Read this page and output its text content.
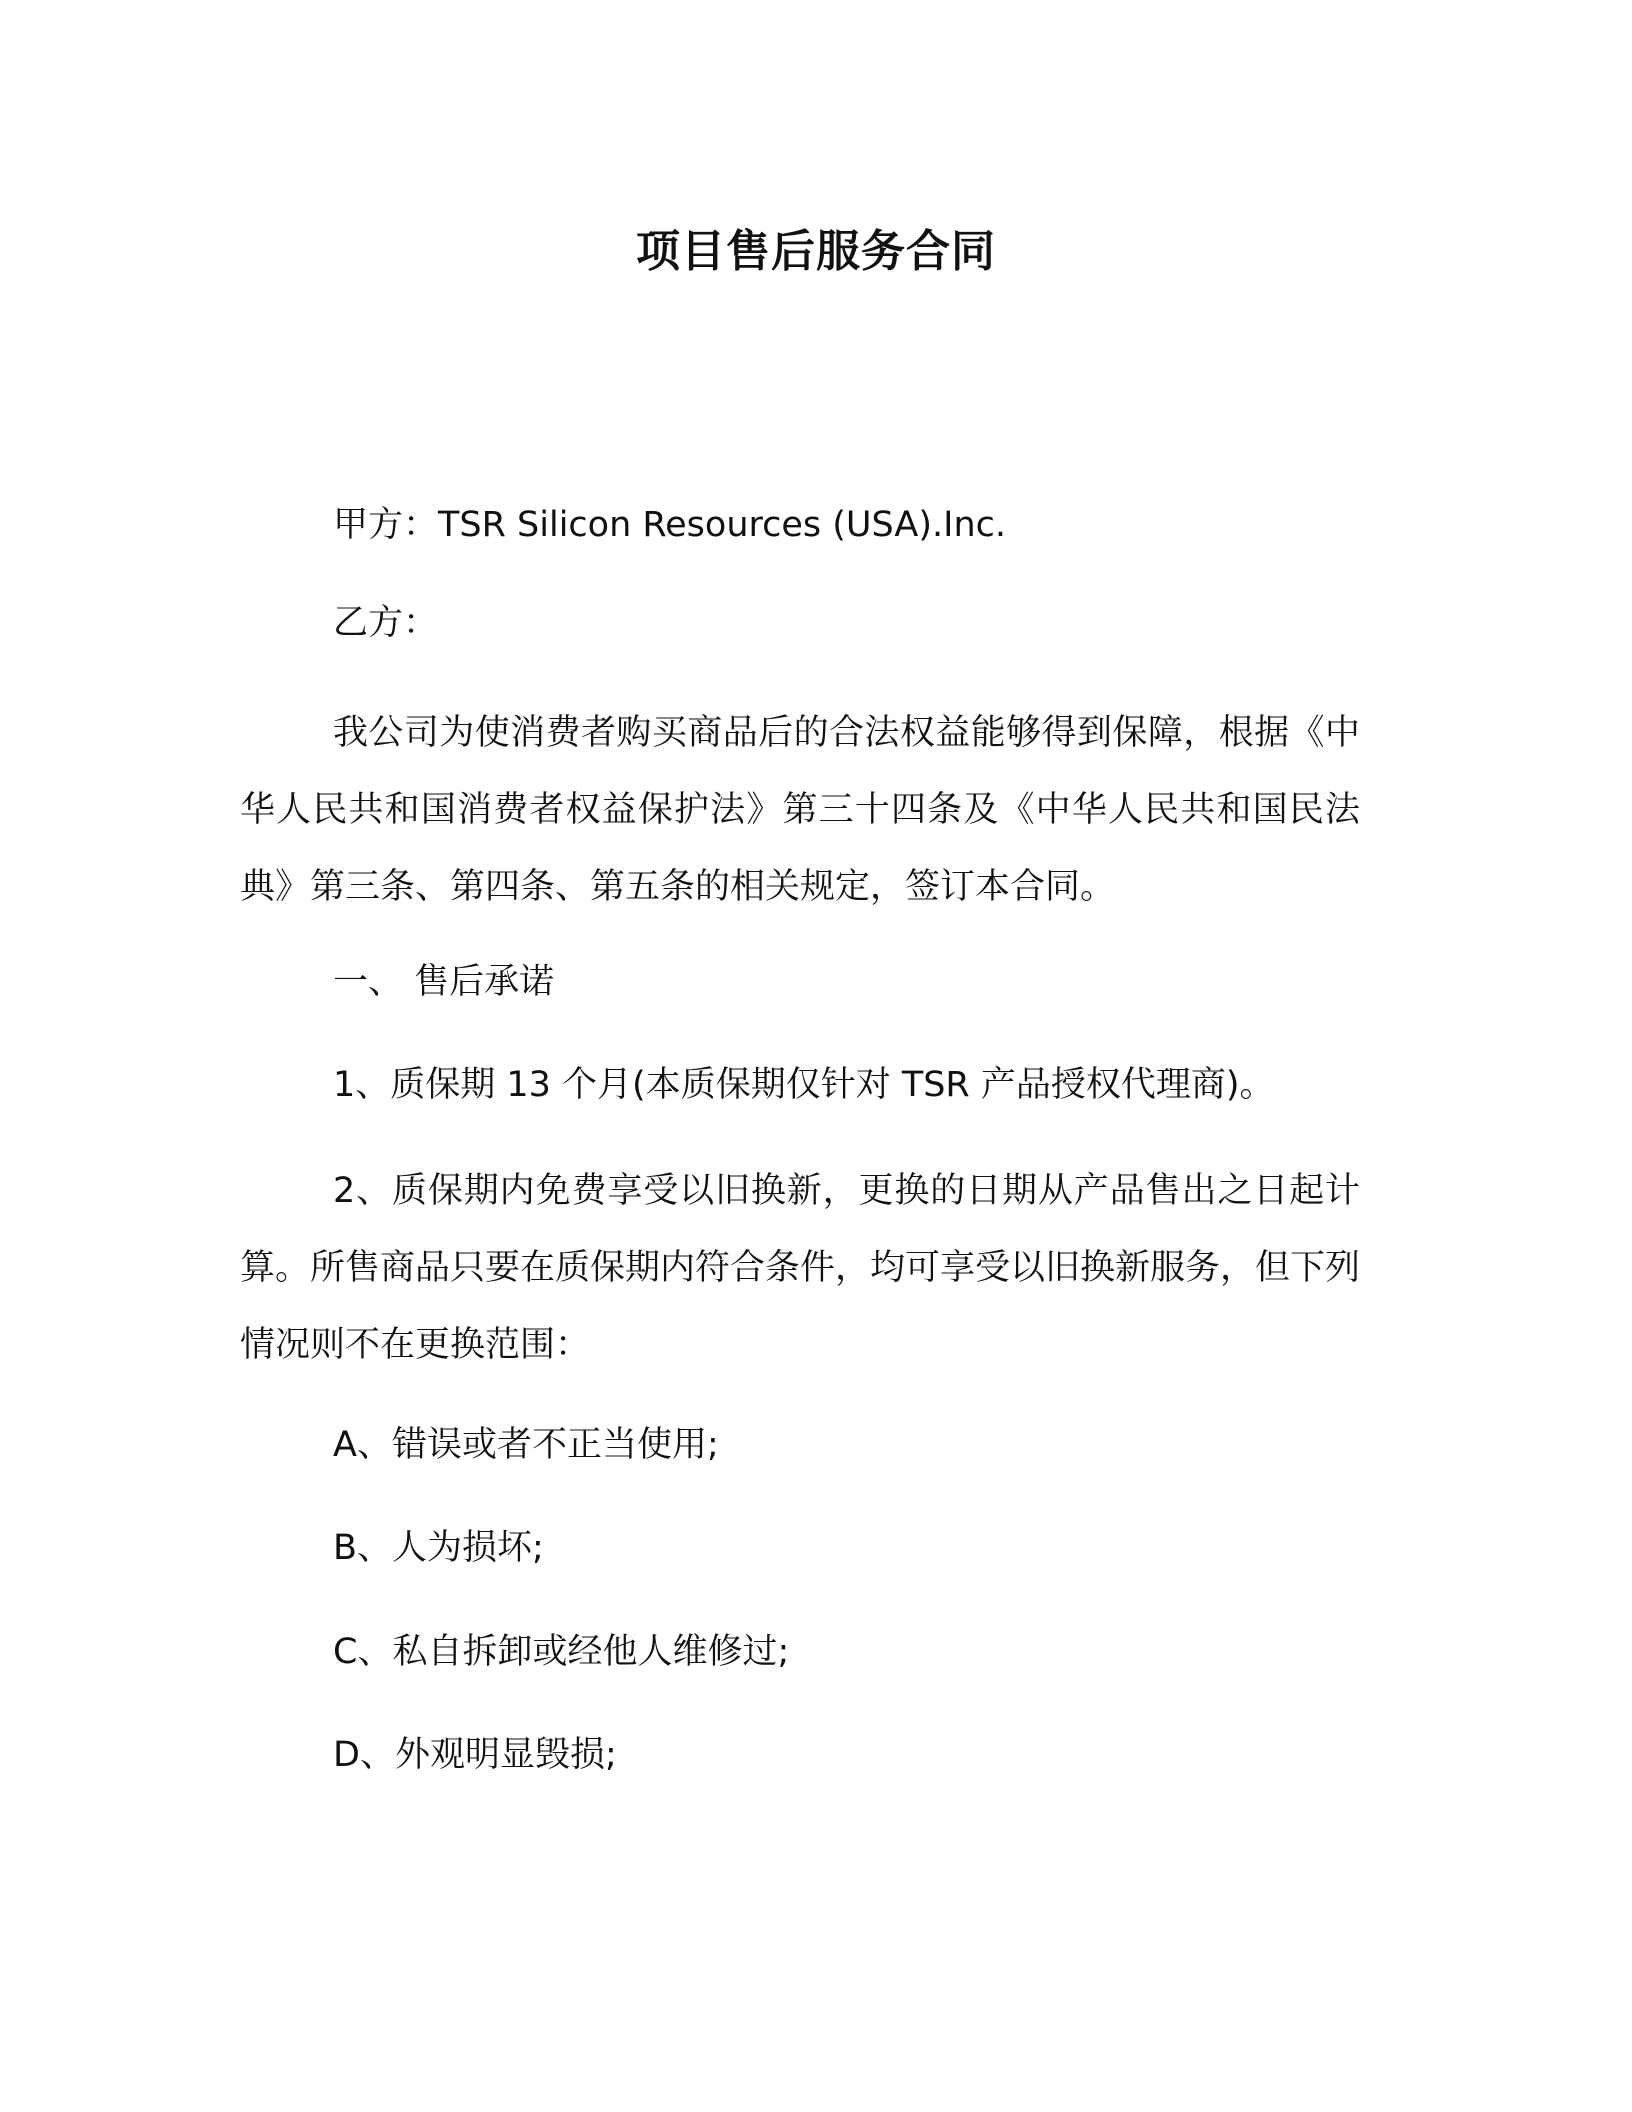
项目售后服务合同

甲方：TSR Silicon Resources (USA).Inc.

乙方：

我公司为使消费者购买商品后的合法权益能够得到保障，根据《中华人民共和国消费者权益保护法》第三十四条及《中华人民共和国民法典》第三条、第四条、第五条的相关规定，签订本合同。

一、 售后承诺

1、质保期 13 个月(本质保期仅针对 TSR 产品授权代理商)。

2、质保期内免费享受以旧换新，更换的日期从产品售出之日起计算。所售商品只要在质保期内符合条件，均可享受以旧换新服务，但下列情况则不在更换范围：

A、错误或者不正当使用;

B、人为损坏;

C、私自拆卸或经他人维修过;

D、外观明显毁损;
